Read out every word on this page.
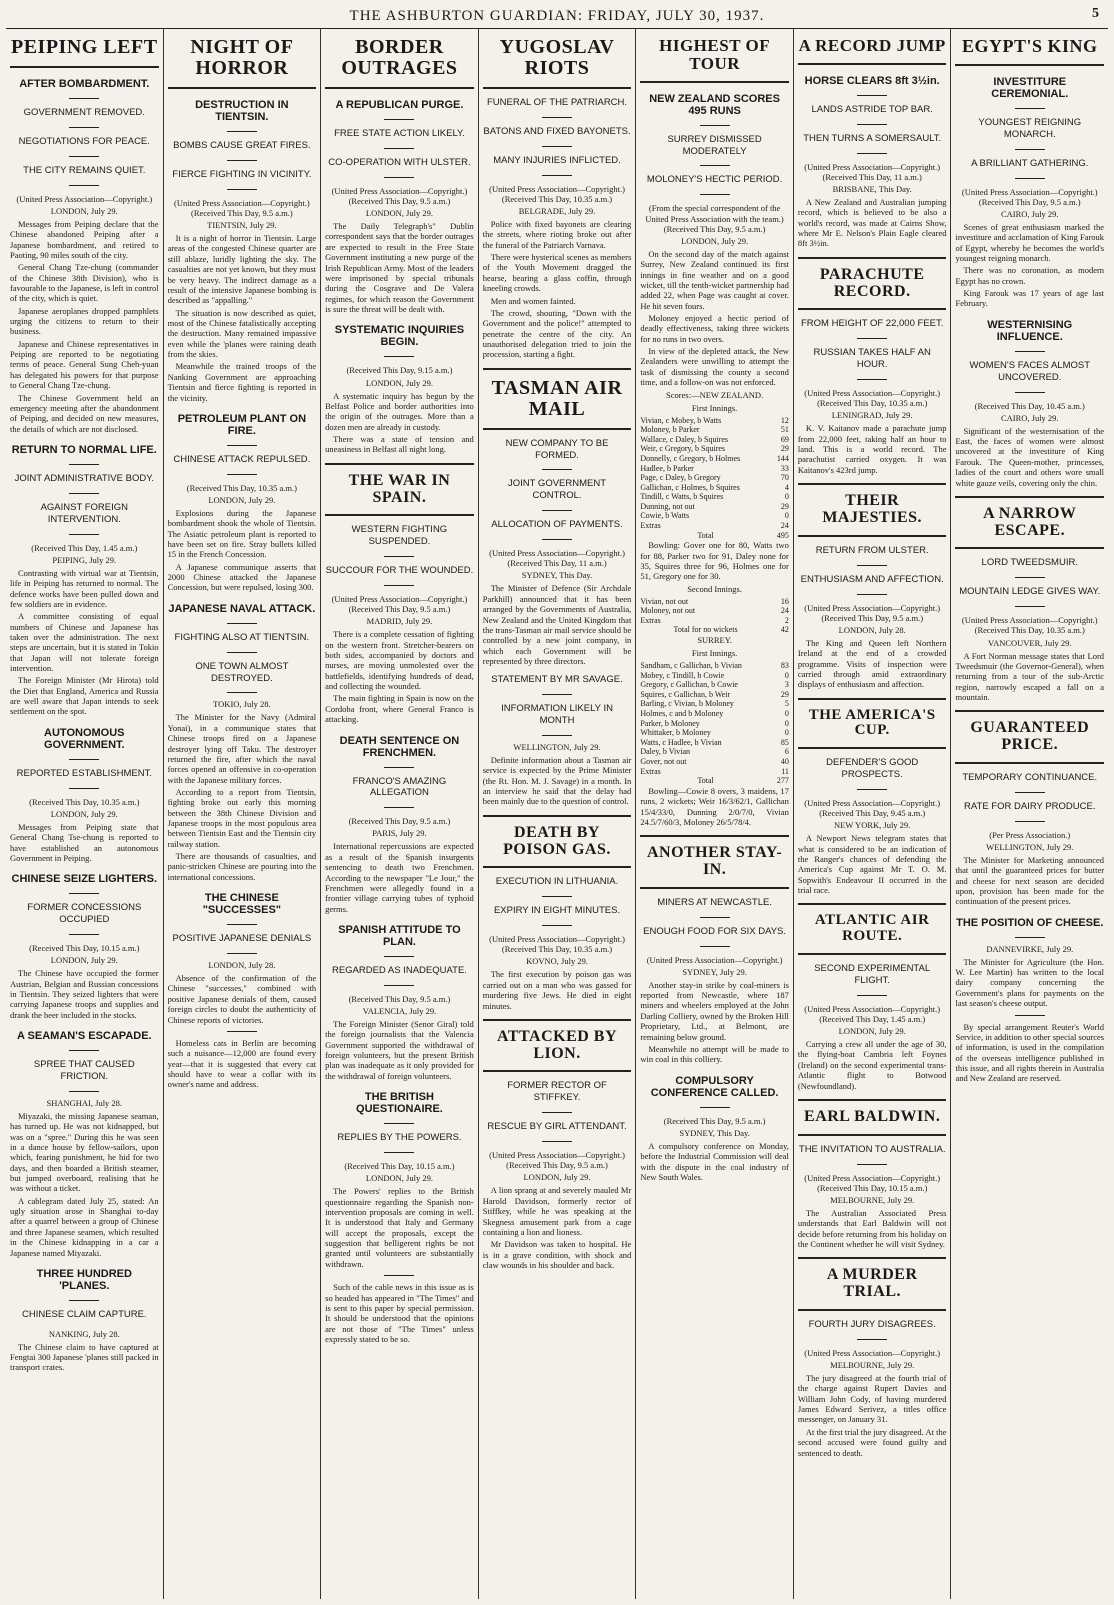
THE ASHBURTON GUARDIAN: FRIDAY, JULY 30, 1937.	5
PEIPING LEFT
AFTER BOMBARDMENT.
GOVERNMENT REMOVED.
NEGOTIATIONS FOR PEACE.
THE CITY REMAINS QUIET.
(United Press Association—Copyright.)
LONDON, July 29.

Messages from Peiping declare that the Chinese abandoned Peiping after a Japanese bombardment, and retired to Paoting, 90 miles south of the city.

General Chang Tze-chung (commander of the Chinese 38th Division), who is favourable to the Japanese, is left in control of the city, which is quiet.

Japanese aeroplanes dropped pamphlets urging the citizens to return to their business.

Japanese and Chinese representatives in Peiping are reported to be negotiating terms of peace. General Sung Cheh-yuan has delegated his powers for that purpose to General Chang Tze-chung.

The Chinese Government held an emergency meeting after the abandonment of Peiping, and decided on new measures, the details of which are not disclosed.

RETURN TO NORMAL LIFE.
JOINT ADMINISTRATIVE BODY.
AGAINST FOREIGN INTERVENTION.
(Received This Day, 1.45 a.m.)
PEIPING, July 29.

Contrasting with virtual war at Tientsin, life in Peiping has returned to normal. The defence works have been pulled down and few soldiers are in evidence.

A committee consisting of equal numbers of Chinese and Japanese has taken over the administration. The next steps are uncertain, but it is stated in Tokio that Japan will not tolerate foreign intervention.

The Foreign Minister (Mr Hirota) told the Diet that England, America and Russia are well aware that Japan intends to seek settlement on the spot.

AUTONOMOUS GOVERNMENT.
REPORTED ESTABLISHMENT.
(Received This Day, 10.35 a.m.)
LONDON, July 29.

Messages from Peiping state that General Chang Tse-chung is reported to have established an autonomous Government in Peiping.

CHINESE SEIZE LIGHTERS.
FORMER CONCESSIONS OCCUPIED
(Received This Day, 10.15 a.m.)
LONDON, July 29.

The Chinese have occupied the former Austrian, Belgian and Russian concessions in Tientsin. They seized lighters that were carrying Japanese troops and supplies and drank the beer included in the stocks.

A SEAMAN'S ESCAPADE.
SPREE THAT CAUSED FRICTION.
SHANGHAI, July 28.

Miyazaki, the missing Japanese seaman, has turned up. He was not kidnapped, but was on a "spree." During this he was seen in a dance house by fellow-sailors, upon which, fearing punishment, he hid for two days, and then boarded a British steamer, but jumped overboard, realising that he was without a ticket.

A cablegram dated July 25, stated: An ugly situation arose in Shanghai to-day after a quarrel between a group of Chinese and three Japanese seamen, which resulted in the Chinese kidnapping in a car a Japanese named Miyazaki.

THREE HUNDRED 'PLANES.
CHINESE CLAIM CAPTURE.
NANKING, July 28.

The Chinese claim to have captured at Fengtai 300 Japanese 'planes still packed in transport crates.

NIGHT OF HORROR
DESTRUCTION IN TIENTSIN.
BOMBS CAUSE GREAT FIRES.
FIERCE FIGHTING IN VICINITY.
(United Press Association—Copyright.) (Received This Day, 9.5 a.m.)
TIENTSIN, July 29.

It is a night of horror in Tientsin. Large areas of the congested Chinese quarter are still ablaze, luridly lighting the sky. The casualties are not yet known, but they must be very heavy. The indirect damage as a result of the intensive Japanese bombing is described as "appalling."

The situation is now described as quiet, most of the Chinese fatalistically accepting the destruction. Many remained impassive even while the 'planes were raining death from the skies.

Meanwhile the trained troops of the Nanking Government are approaching Tientsin and fierce fighting is reported in the vicinity.

PETROLEUM PLANT ON FIRE.
CHINESE ATTACK REPULSED.
(Received This Day, 10.35 a.m.)
LONDON, July 29.

Explosions during the Japanese bombardment shook the whole of Tientsin. The Asiatic petroleum plant is reported to have been set on fire. Stray bullets killed 15 in the French Concession.

A Japanese communique asserts that 2000 Chinese attacked the Japanese Concession, but were repulsed, losing 300.

JAPANESE NAVAL ATTACK.
FIGHTING ALSO AT TIENTSIN.
ONE TOWN ALMOST DESTROYED.
TOKIO, July 28.

The Minister for the Navy (Admiral Yonai), in a communique states that Chinese troops fired on a Japanese destroyer lying off Taku. The destroyer returned the fire, after which the naval forces opened an offensive in co-operation with the Japanese military forces.

According to a report from Tientsin, fighting broke out early this morning between the 38th Chinese Division and Japanese troops in the most populous area between Tientsin East and the Tientsin city railway station.

There are thousands of casualties, and panic-stricken Chinese are pouring into the international concessions.

THE CHINESE "SUCCESSES"
POSITIVE JAPANESE DENIALS
LONDON, July 28.

Absence of the confirmation of the Chinese "successes," combined with positive Japanese denials of them, caused foreign circles to doubt the authenticity of Chinese reports of victories.

Homeless cats in Berlin are becoming such a nuisance—12,000 are found every year—that it is suggested that every cat should have to wear a collar with its owner's name and address.

BORDER OUTRAGES
A REPUBLICAN PURGE.
FREE STATE ACTION LIKELY.
CO-OPERATION WITH ULSTER.
(United Press Association—Copyright.) (Received This Day, 9.5 a.m.)
LONDON, July 29.

The Daily Telegraph's" Dublin correspondent says that the border outrages are expected to result in the Free State Government instituting a new purge of the Irish Republican Army. Most of the leaders were imprisoned by special tribunals during the Cosgrave and De Valera regimes, for which reason the Government is sure the threat will be dealt with.

SYSTEMATIC INQUIRIES BEGIN.
(Received This Day, 9.15 a.m.)
LONDON, July 29.

A systematic inquiry has begun by the Belfast Police and border authorities into the origin of the outrages. More than a dozen men are already in custody.

There was a state of tension and uneasiness in Belfast all night long.

THE WAR IN SPAIN.
WESTERN FIGHTING SUSPENDED.
SUCCOUR FOR THE WOUNDED.
(United Press Association—Copyright.) (Received This Day, 9.5 a.m.)
MADRID, July 29.

There is a complete cessation of fighting on the western front. Stretcher-bearers on both sides, accompanied by doctors and nurses, are moving unmolested over the battlefields, identifying hundreds of dead, and collecting the wounded.

The main fighting in Spain is now on the Cordoba front, where General Franco is attacking.

DEATH SENTENCE ON FRENCHMEN.
FRANCO'S AMAZING ALLEGATION
(Received This Day, 9.5 a.m.)
PARIS, July 29.

International repercussions are expected as a result of the Spanish insurgents sentencing to death two Frenchmen. According to the newspaper "Le Jour," the Frenchmen were allegedly found in a frontier village carrying tubes of typhoid germs.

SPANISH ATTITUDE TO PLAN.
REGARDED AS INADEQUATE.
(Received This Day, 9.5 a.m.)
VALENCIA, July 29.

The Foreign Minister (Senor Giral) told the foreign journalists that the Valencia Government supported the withdrawal of foreign volunteers, but the present British plan was inadequate as it only provided for the withdrawal of foreign volunteers.

THE BRITISH QUESTIONAIRE.
REPLIES BY THE POWERS.
(Received This Day, 10.15 a.m.)
LONDON, July 29.

The Powers' replies to the British questionnaire regarding the Spanish non-intervention proposals are coming in well. It is understood that Italy and Germany will accept the proposals, except the suggestion that belligerent rights be not granted until volunteers are substantially withdrawn.

Such of the cable news in this issue as is so headed has appeared in "The Times" and is sent to this paper by special permission. It should be understood that the opinions are not those of "The Times" unless expressly stated to be so.

YUGOSLAV RIOTS
FUNERAL OF THE PATRIARCH.
BATONS AND FIXED BAYONETS.
MANY INJURIES INFLICTED.
(United Press Association—Copyright.) (Received This Day, 10.35 a.m.)
BELGRADE, July 29.

Police with fixed bayonets are clearing the streets, where rioting broke out after the funeral of the Patriarch Varnava.

There were hysterical scenes as members of the Youth Movement dragged the hearse, bearing a glass coffin, through kneeling crowds.

Men and women fainted.

The crowd, shouting, "Down with the Government and the police!" attempted to penetrate the centre of the city. An unauthorised delegation tried to join the procession, starting a fight.

TASMAN AIR MAIL
NEW COMPANY TO BE FORMED.
JOINT GOVERNMENT CONTROL.
ALLOCATION OF PAYMENTS.
(United Press Association—Copyright.) (Received This Day, 11 a.m.)
SYDNEY, This Day.

The Minister of Defence (Sir Archdale Parkhill) announced that it has been arranged by the Governments of Australia, New Zealand and the United Kingdom that the trans-Tasman air mail service should be controlled by a new joint company, in which each Government will be represented by three directors.

STATEMENT BY MR SAVAGE.
INFORMATION LIKELY IN MONTH
WELLINGTON, July 29.

Definite information about a Tasman air service is expected by the Prime Minister (the Rt. Hon. M. J. Savage) in a month. In an interview he said that the delay had been mainly due to the question of control.

DEATH BY POISON GAS.
EXECUTION IN LITHUANIA.
EXPIRY IN EIGHT MINUTES.
(United Press Association—Copyright.) (Received This Day, 10.35 a.m.)
KOVNO, July 29.

The first execution by poison gas was carried out on a man who was gassed for murdering five Jews. He died in eight minutes.

ATTACKED BY LION.
FORMER RECTOR OF STIFFKEY.
RESCUE BY GIRL ATTENDANT.
(United Press Association—Copyright.) (Received This Day, 9.5 a.m.)
LONDON, July 29.

A lion sprang at and severely mauled Mr Harold Davidson, formerly rector of Stiffkey, while he was speaking at the Skegness amusement park from a cage containing a lion and lioness.

Mr Davidson was taken to hospital. He is in a grave condition, with shock and claw wounds in his shoulder and back.

HIGHEST OF TOUR
NEW ZEALAND SCORES 495 RUNS
SURREY DISMISSED MODERATELY
MOLONEY'S HECTIC PERIOD.
(From the special correspondent of the United Press Association with the team.) (Received This Day, 9.5 a.m.)
LONDON, July 29.

On the second day of the match against Surrey, New Zealand continued its first innings in fine weather and on a good wicket, till the tenth-wicket partnership had added 22, when Page was caught at cover. He hit seven fours.

Moloney enjoyed a hectic period of deadly effectiveness, taking three wickets for no runs in two overs.

In view of the depleted attack, the New Zealanders were unwilling to attempt the task of dismissing the county a second time, and a follow-on was not enforced.

Scores:—NEW ZEALAND.
First Innings.
Vivian, c Mobey, b Watts	12
Moloney, b Parker	51
Wallace, c Daley, b Squires	69
Weir, c Gregory, b Squires	29
Donnelly, c Gregory, b Holmes	144
Hadlee, b Parker	33
Page, c Daley, b Gregory	70
Gallichan, c Holmes, b Squires	4
Tindill, c Watts, b Squires	0
Dunning, not out	29
Cowie, b Watts	0
Extras	24
Total	495

Bowling: Gover one for 80, Watts two for 88, Parker two for 91, Daley none for 35, Squires three for 96, Holmes one for 51, Gregory one for 30.

Second Innings.
Vivian, not out	16
Moloney, not out	24
Extras	2
Total for no wickets	42
SURREY.
First Innings.
Sandham, c Gallichan, b Vivian	83
Mobey, c Tindill, b Cowie	0
Gregory, c Gallichan, b Cowie	3
Squires, c Gallichan, b Weir	29
Barling, c Vivian, b Moloney	5
Holmes, c and b Moloney	0
Parker, b Moloney	0
Whittaker, b Moloney	0
Watts, c Hadlee, b Vivian	85
Daley, b Vivian	6
Gover, not out	40
Extras	11
Total	277

Bowling—Cowie 8 overs, 3 maidens, 17 runs, 2 wickets; Weir 16/3/62/1, Gallichan 15/4/33/0, Dunning 2/0/7/0, Vivian 24.5/7/60/3, Moloney 26/5/78/4.

ANOTHER STAY-IN.
MINERS AT NEWCASTLE.
ENOUGH FOOD FOR SIX DAYS.
(United Press Association—Copyright.)
SYDNEY, July 29.

Another stay-in strike by coal-miners is reported from Newcastle, where 187 miners and wheelers employed at the John Darling Colliery, owned by the Broken Hill Proprietary, Ltd., at Belmont, are remaining below ground.

Meanwhile no attempt will be made to win coal in this colliery.

COMPULSORY CONFERENCE CALLED.
(Received This Day, 9.5 a.m.)
SYDNEY, This Day.

A compulsory conference on Monday, before the Industrial Commission will deal with the dispute in the coal industry of New South Wales.

A RECORD JUMP
HORSE CLEARS 8ft 3½in.
LANDS ASTRIDE TOP BAR.
THEN TURNS A SOMERSAULT.
(United Press Association—Copyright.) (Received This Day, 11 a.m.)
BRISBANE, This Day.

A New Zealand and Australian jumping record, which is believed to be also a world's record, was made at Cairns Show, where Mr E. Nelson's Plain Eagle cleared 8ft 3½in.

PARACHUTE RECORD.
FROM HEIGHT OF 22,000 FEET.
RUSSIAN TAKES HALF AN HOUR.
(United Press Association—Copyright.) (Received This Day, 10.35 a.m.)
LENINGRAD, July 29.

K. V. Kaitanov made a parachute jump from 22,000 feet, taking half an hour to land. This is a world record. The parachutist carried oxygen. It was Kaitanov's 423rd jump.

THEIR MAJESTIES.
RETURN FROM ULSTER.
ENTHUSIASM AND AFFECTION.
(United Press Association—Copyright.) (Received This Day, 9.5 a.m.)
LONDON, July 28.

The King and Queen left Northern Ireland at the end of a crowded programme. Visits of inspection were carried through amid extraordinary displays of enthusiasm and affection.

THE AMERICA'S CUP.
DEFENDER'S GOOD PROSPECTS.
(United Press Association—Copyright.) (Received This Day, 9.45 a.m.)
NEW YORK, July 29.

A Newport News telegram states that what is considered to be an indication of the Ranger's chances of defending the America's Cup against Mr T. O. M. Sopwith's Endeavour II occurred in the trial race.

ATLANTIC AIR ROUTE.
SECOND EXPERIMENTAL FLIGHT.
(United Press Association—Copyright.) (Received This Day, 1.45 a.m.)
LONDON, July 29.

Carrying a crew all under the age of 30, the flying-boat Cambria left Foynes (Ireland) on the second experimental trans-Atlantic flight to Botwood (Newfoundland).

EARL BALDWIN.
THE INVITATION TO AUSTRALIA.
(United Press Association—Copyright.) (Received This Day, 10.15 a.m.)
MELBOURNE, July 29.

The Australian Associated Press understands that Earl Baldwin will not decide before returning from his holiday on the Continent whether he will visit Sydney.

A MURDER TRIAL.
FOURTH JURY DISAGREES.
(United Press Association—Copyright.)
MELBOURNE, July 29.

The jury disagreed at the fourth trial of the charge against Rupert Davies and William John Cody, of having murdered James Edward Serivez, a titles office messenger, on January 31.

At the first trial the jury disagreed. At the second accused were found guilty and sentenced to death.

EGYPT'S KING
INVESTITURE CEREMONIAL.
YOUNGEST REIGNING MONARCH.
A BRILLIANT GATHERING.
(United Press Association—Copyright.) (Received This Day, 9.5 a.m.)
CAIRO, July 29.

Scenes of great enthusiasm marked the investiture and acclamation of King Farouk of Egypt, whereby he becomes the world's youngest reigning monarch.

There was no coronation, as modern Egypt has no crown.

King Farouk was 17 years of age last February.

WESTERNISING INFLUENCE.
WOMEN'S FACES ALMOST UNCOVERED.
(Received This Day, 10.45 a.m.)
CAIRO, July 29.

Significant of the westernisation of the East, the faces of women were almost uncovered at the investiture of King Farouk. The Queen-mother, princesses, ladies of the court and others wore small white gauze veils, covering only the chin.

A NARROW ESCAPE.
LORD TWEEDSMUIR.
MOUNTAIN LEDGE GIVES WAY.
(United Press Association—Copyright.) (Received This Day, 10.35 a.m.)
VANCOUVER, July 29.

A Fort Norman message states that Lord Tweedsmuir (the Governor-General), when returning from a tour of the sub-Arctic region, narrowly escaped a fall on a mountain.

GUARANTEED PRICE.
TEMPORARY CONTINUANCE.
RATE FOR DAIRY PRODUCE.
(Per Press Association.)
WELLINGTON, July 29.

The Minister for Marketing announced that until the guaranteed prices for butter and cheese for next season are decided upon, provision has been made for the continuation of the present prices.

THE POSITION OF CHEESE.
DANNEVIRKE, July 29.

The Minister for Agriculture (the Hon. W. Lee Martin) has written to the local dairy company concerning the Government's plans for payments on the last season's cheese output.

By special arrangement Reuter's World Service, in addition to other special sources of information, is used in the compilation of the overseas intelligence published in this issue, and all rights therein in Australia and New Zealand are reserved.
